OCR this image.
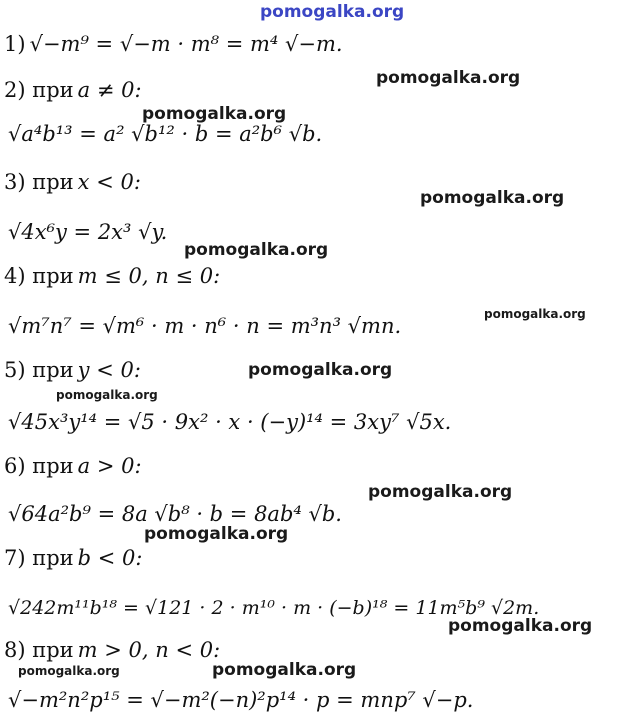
pomogalka.org
pomogalka.org
pomogalka.org
pomogalka.org
pomogalka.org
pomogalka.org
pomogalka.org
pomogalka.org
pomogalka.org
pomogalka.org
pomogalka.org
pomogalka.org	pomogalka.org
1) √−m⁹ = √−m · m⁸ = m⁴ √−m.
2) при a ≠ 0:
√a⁴b¹³ = a² √b¹² · b = a²b⁶ √b.
3) при x < 0:
√4x⁶y = 2x³ √y.
4) при m ≤ 0, n ≤ 0:
√m⁷n⁷ = √m⁶ · m · n⁶ · n = m³n³ √mn.
5) при y < 0:
√45x³y¹⁴ = √5 · 9x² · x · (−y)¹⁴ = 3xy⁷ √5x.
6) при a > 0:
√64a²b⁹ = 8a √b⁸ · b = 8ab⁴ √b.
7) при b < 0:
√242m¹¹b¹⁸ = √121 · 2 · m¹⁰ · m · (−b)¹⁸ = 11m⁵b⁹ √2m.
8) при m > 0, n < 0:
√−m²n²p¹⁵ = √−m²(−n)²p¹⁴ · p = mnp⁷ √−p.
